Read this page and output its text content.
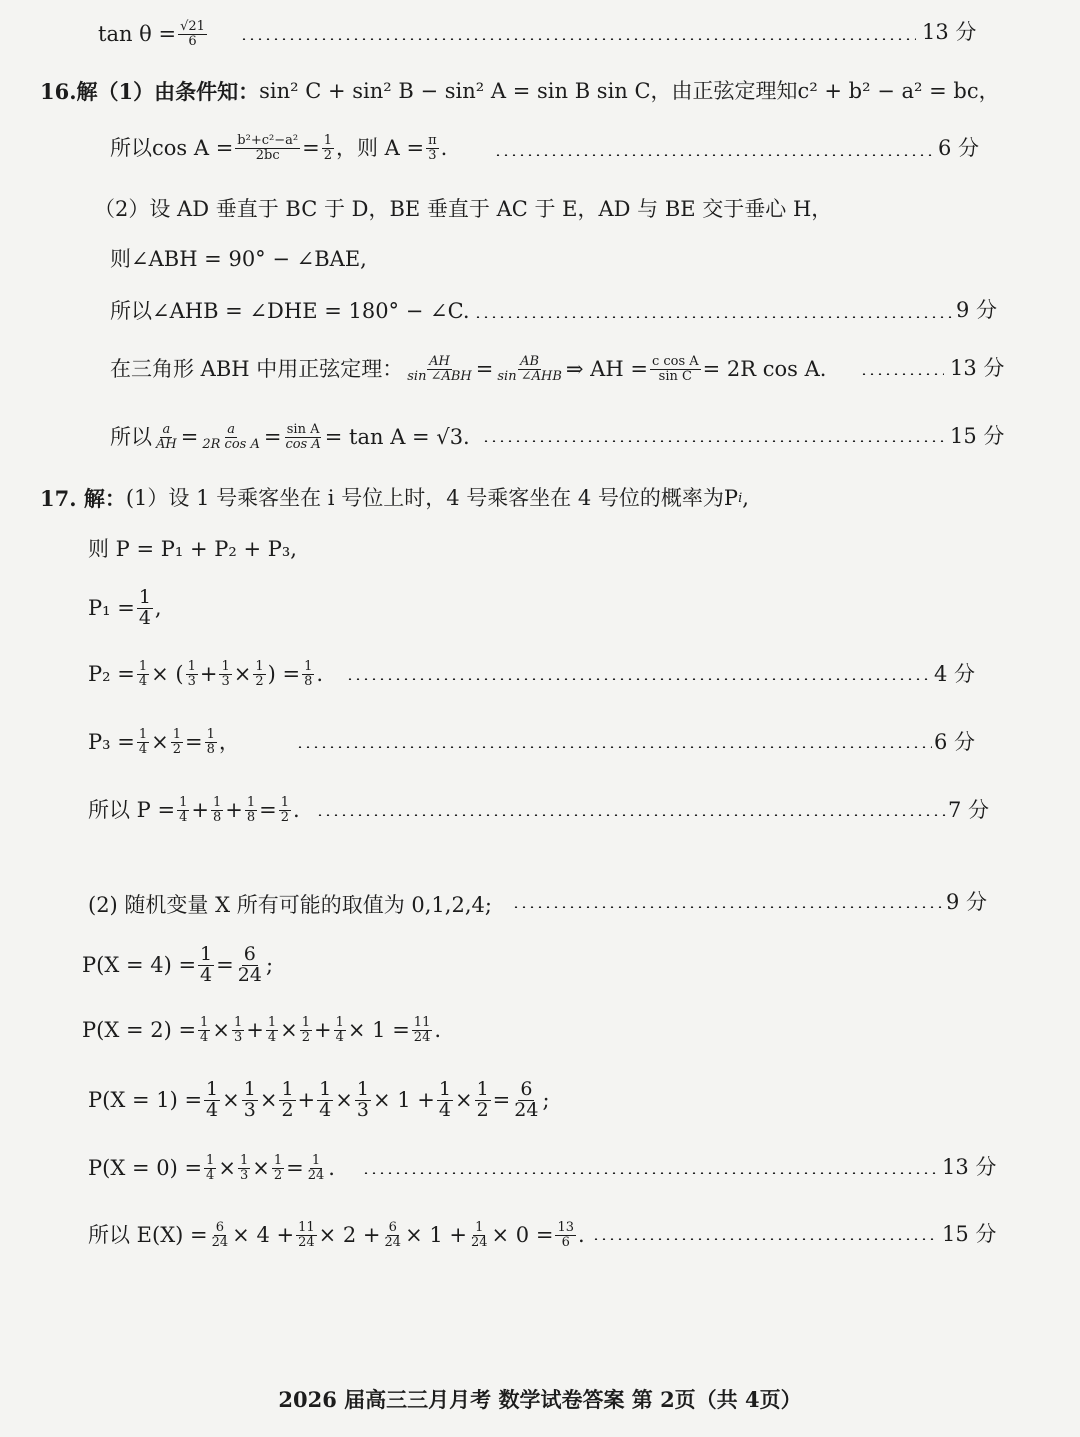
$\tan \theta = \frac{√21}{6}$	13 分
16.解（1）由条件知： sin² C + sin² B − sin² A = sin B sin C，由正弦定理知c² + b² − a² = bc，
所以$\cos A = \frac{\text{b²+c²−a²}}{2bc} = \frac{1}{2}$ ，则 $A = \frac{\pi}{3}$ .	6 分
（2）设 AD 垂直于 BC 于 D，BE 垂直于 AC 于 E，AD 与 BE 交于垂心 H，
则∠ABH = 90° − ∠BAE,
所以∠AHB = ∠DHE = 180° − ∠C.	9 分
在三角形 ABH 中用正弦定理： $\frac{AH}{\text{sin ∠ABH}} = \frac{AB}{\text{sin ∠AHB}}$ ⇒ AH = $\frac{\text{c cos A}}{\text{sin C}} = 2R$ cos A.	13 分
所以 $\frac{a}{AH} = \frac{a}{\text{2R cos A}} = \frac{\text{sin A}}{\text{cos A}} = \tan A = √3$.	15 分
17. 解： (1）设 1 号乘客坐在 i 号位上时，4 号乘客坐在 4 号位的概率为P i ,
则 P = P₁ + P₂ + P₃,
$P_1 = \frac{1}{4}$ ,
$P_2 = \frac{1}{4}$ × ( $\frac{1}{3} + \frac{1}{3} \times \frac{1}{2}$ ) = $\frac{1}{8}$ .	4 分
$P_3 = \frac{1}{4} \times \frac{1}{2} = \frac{1}{8}$ ，	6 分
所以 $P = \frac{1}{4} + \frac{1}{8} + \frac{1}{8} = \frac{1}{2}$ .	7 分
(2) 随机变量 X 所有可能的取值为 0,1,2,4;	9 分
$P(X = 4) = \frac{1}{4} = \frac{6}{24}$ ;
$P(X = 2) = \frac{1}{4} \times \frac{1}{3} + \frac{1}{4} \times \frac{1}{2} + \frac{1}{4} \times 1 = \frac{11}{24}$ .
$P(X = 1) = \frac{1}{4} \times \frac{1}{3} \times \frac{1}{2} + \frac{1}{4} \times \frac{1}{3} \times 1 + \frac{1}{4} \times \frac{1}{2} = \frac{6}{24}$ ;
$P(X = 0) = \frac{1}{4} \times \frac{1}{3} \times \frac{1}{2} = \frac{1}{24}$ .	13 分
所以 $E(X) = \frac{6}{24} \times 4 + \frac{11}{24} \times 2 + \frac{6}{24} \times 1 + \frac{1}{24} \times 0 = \frac{13}{6}$ .	15 分
2026 届高三三月月考 数学试卷答案 第 2页（共 4页）
